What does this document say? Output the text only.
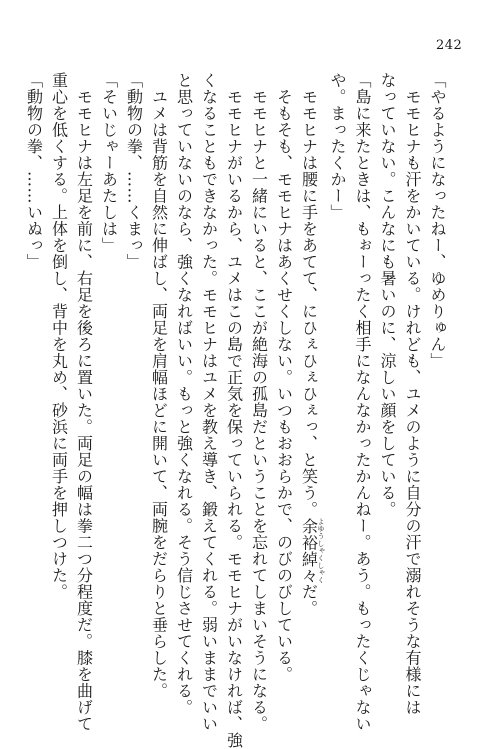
242
「やるようになったねー、ゆめりゅん」
　モモヒナも汗をかいている。けれども、ユメのように自分の汗で溺れそうな有様には
なっていない。こんなにも暑いのに、涼しい顔をしている。
「島に来たときは、もぉーったく相手になんなかったかんねー。あう。もったくじゃない
や。まったくかー」
　モモヒナは腰に手をあてて、にひぇひぇひぇっ、と笑う。余裕綽々よゆうしゃくしゃくだ。
　そもそも、モモヒナはあくせくしない。いつもおおらかで、のびのびしている。
　モモヒナと一緒にいると、ここが絶海の孤島だということを忘れてしまいそうになる。
　モモヒナがいるから、ユメはこの島で正気を保っていられる。モモヒナがいなければ、強
くなることもできなかった。モモヒナはユメを教え導き、鍛えてくれる。弱いままでいい
と思っていないのなら、強くなればいい。もっと強くなれる。そう信じさせてくれる。
　ユメは背筋を自然に伸ばし、両足を肩幅ほどに開いて、両腕をだらりと垂らした。
「動物の拳、……くまっ」
「そいじゃーあたしは」
　モモヒナは左足を前に、右足を後ろに置いた。両足の幅は拳二つ分程度だ。膝を曲げて
重心を低くする。上体を倒し、背中を丸め、砂浜に両手を押しつけた。
「動物の拳、……いぬっ」
